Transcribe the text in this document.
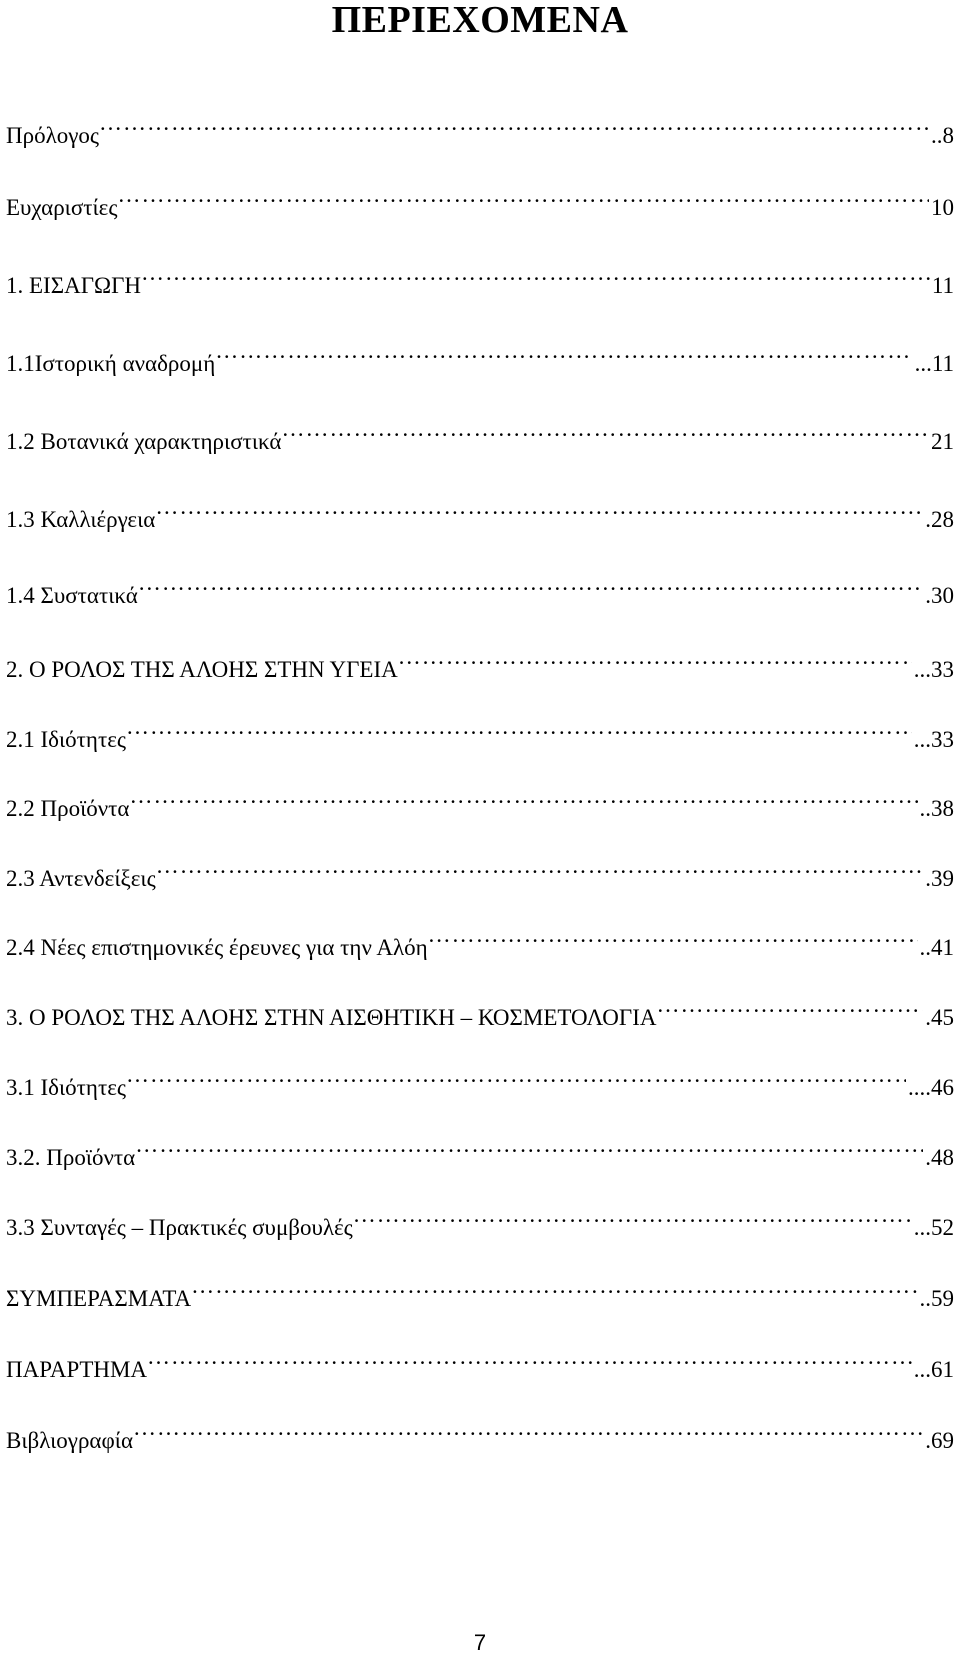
ΠΕΡΙΕΧΟΜΕΝΑ
Πρόλογος ……………………………………………………………………………………………………………………………………………………………………………………	..8
Ευχαριστίες ……………………………………………………………………………………………………………………………………………………………………………………	10
1. ΕΙΣΑΓΩΓΗ ……………………………………………………………………………………………………………………………………………………………………………………	11
1.1Ιστορική αναδρομή ……………………………………………………………………………………………………………………………………………………………………………………	...11
1.2 Βοτανικά χαρακτηριστικά ……………………………………………………………………………………………………………………………………………………………………………………	21
1.3 Καλλιέργεια ……………………………………………………………………………………………………………………………………………………………………………………	.28
1.4 Συστατικά ……………………………………………………………………………………………………………………………………………………………………………………	.30
2. Ο ΡΟΛΟΣ ΤΗΣ ΑΛΟΗΣ ΣΤΗΝ ΥΓΕΙΑ ……………………………………………………………………………………………………………………………………………………………………………………	...33
2.1 Ιδιότητες ……………………………………………………………………………………………………………………………………………………………………………………	...33
2.2 Προϊόντα ……………………………………………………………………………………………………………………………………………………………………………………	..38
2.3 Αντενδείξεις ……………………………………………………………………………………………………………………………………………………………………………………	.39
2.4 Νέες επιστημονικές έρευνες για την Αλόη ……………………………………………………………………………………………………………………………………………………………………………………	..41
3. Ο ΡΟΛΟΣ ΤΗΣ ΑΛΟΗΣ ΣΤΗΝ ΑΙΣΘΗΤΙΚΗ – ΚΟΣΜΕΤΟΛΟΓΙΑ ……………………………………………………………………………………………………………………………………………………………………………………	.45
3.1 Ιδιότητες ……………………………………………………………………………………………………………………………………………………………………………………	....46
3.2. Προϊόντα ……………………………………………………………………………………………………………………………………………………………………………………	.48
3.3 Συνταγές – Πρακτικές συμβουλές ……………………………………………………………………………………………………………………………………………………………………………………	...52
ΣΥΜΠΕΡΑΣΜΑΤΑ ……………………………………………………………………………………………………………………………………………………………………………………	..59
ΠΑΡΑΡΤΗΜΑ ……………………………………………………………………………………………………………………………………………………………………………………	...61
Βιβλιογραφία ……………………………………………………………………………………………………………………………………………………………………………………	.69
7
